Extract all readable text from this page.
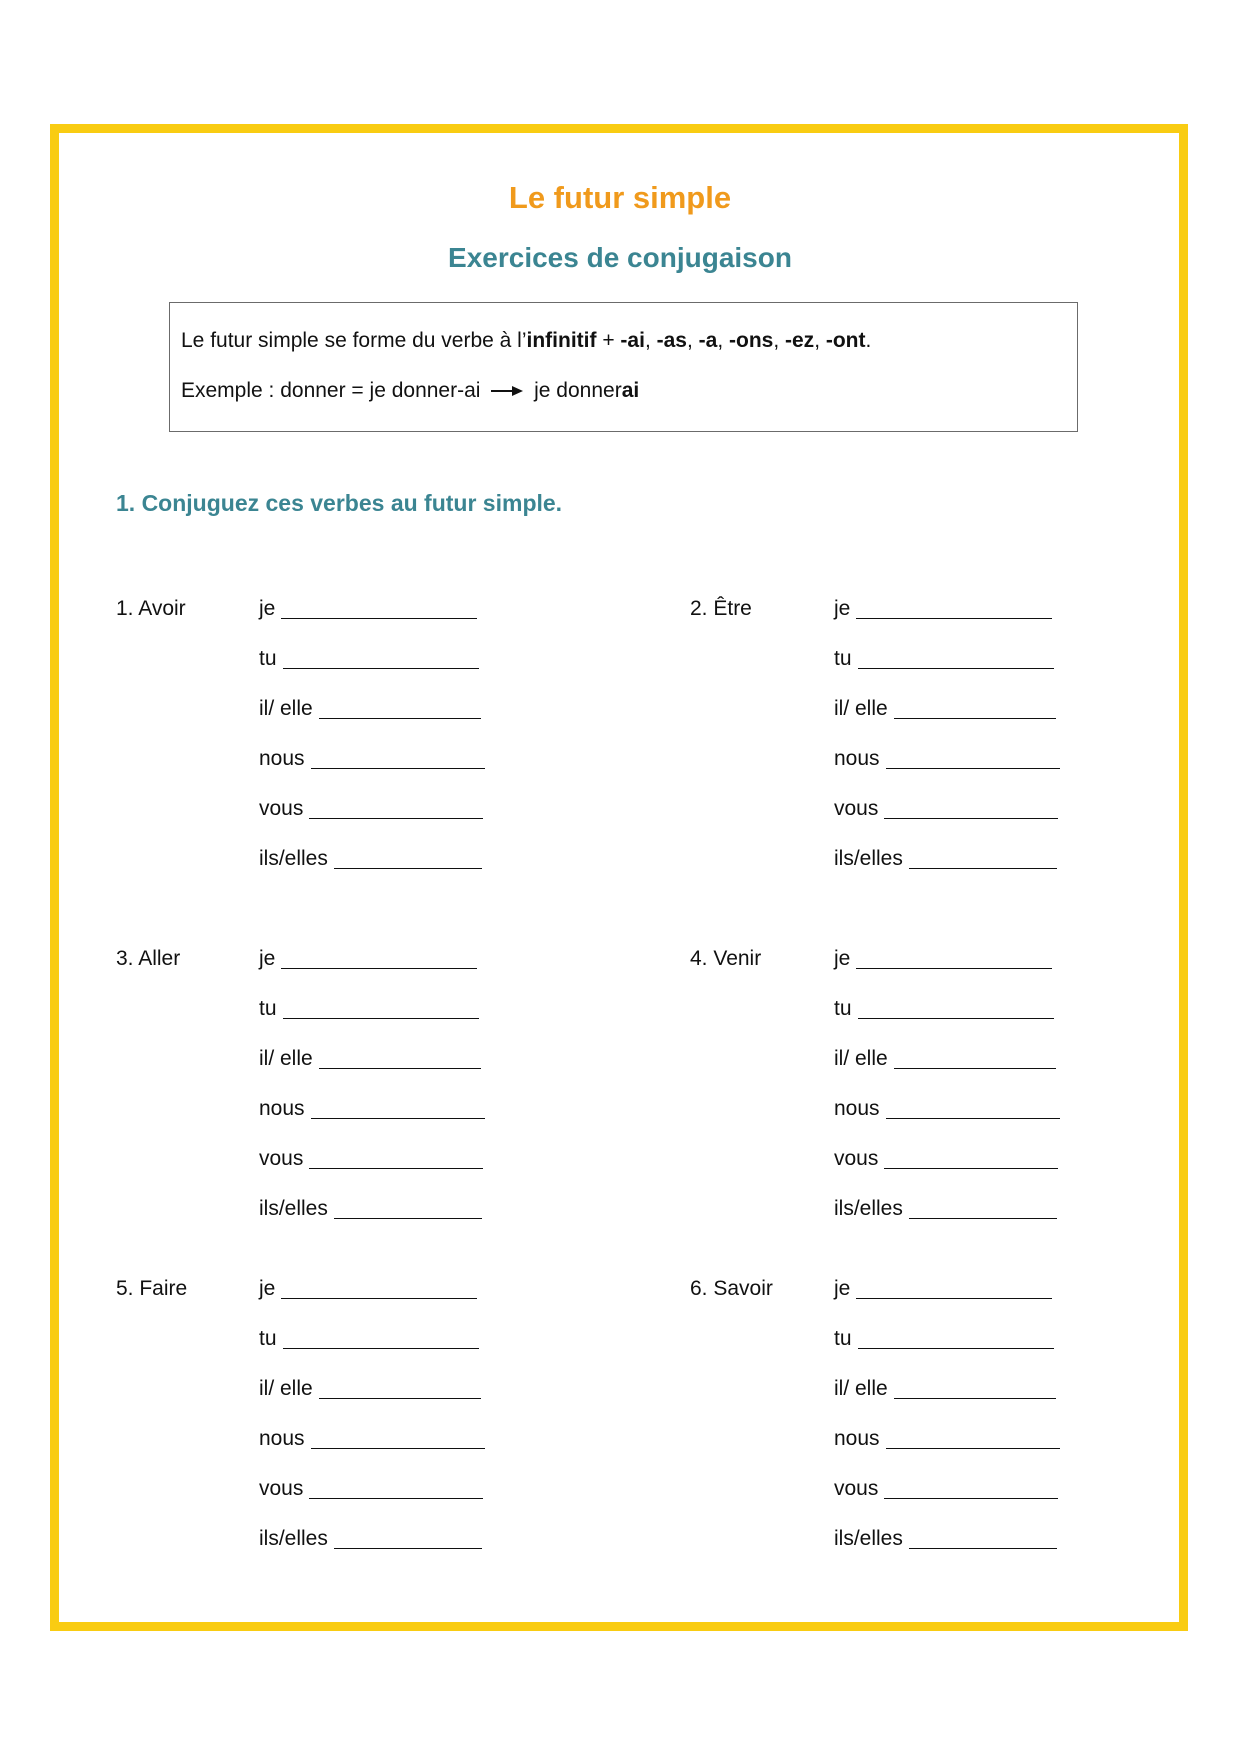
Le futur simple
Exercices de conjugaison
Le futur simple se forme du verbe à l’infinitif + -ai, -as, -a, -ons, -ez, -ont.
Exemple : donner = je donner-ai	je donnerai
1. Conjuguez ces verbes au futur simple.
1. Avoir	je
tu
il/ elle
nous
vous
ils/elles
2. Être	je
tu
il/ elle
nous
vous
ils/elles
3. Aller	je
tu
il/ elle
nous
vous
ils/elles
4. Venir	je
tu
il/ elle
nous
vous
ils/elles
5. Faire	je
tu
il/ elle
nous
vous
ils/elles
6. Savoir	je
tu
il/ elle
nous
vous
ils/elles
